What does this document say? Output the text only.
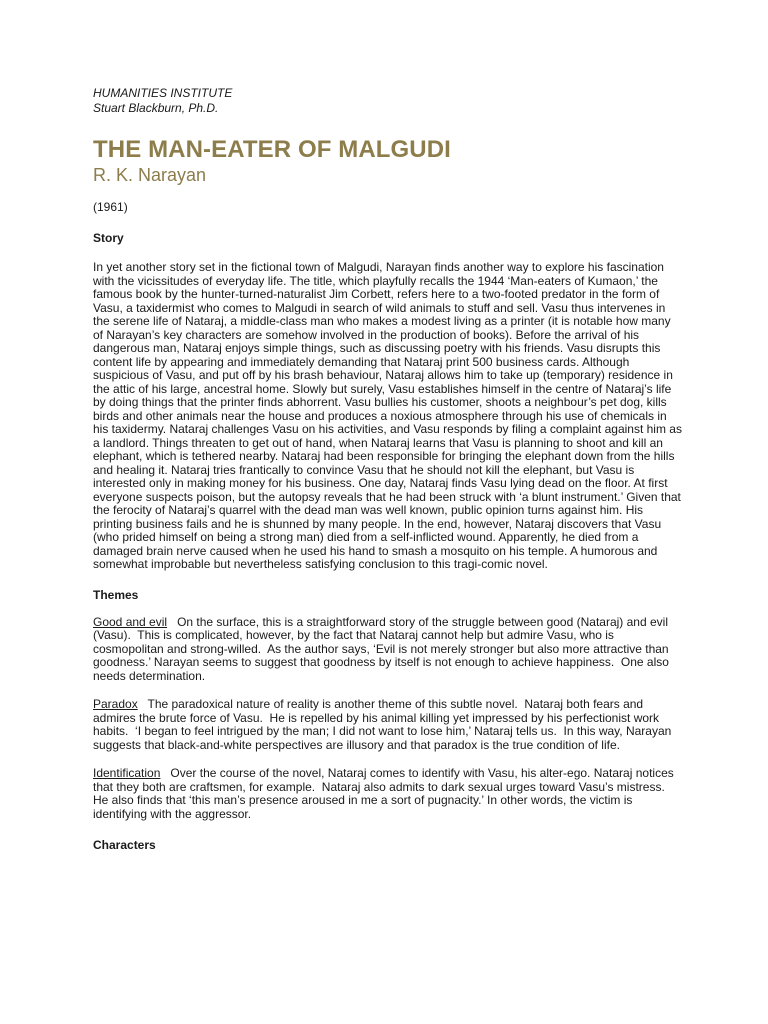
HUMANITIES INSTITUTE
Stuart Blackburn, Ph.D.
THE MAN-EATER OF MALGUDI
R. K. Narayan
(1961)
Story

In yet another story set in the fictional town of Malgudi, Narayan finds another way to explore his fascination with the vicissitudes of everyday life. The title, which playfully recalls the 1944 ‘Man-eaters of Kumaon,’ the famous book by the hunter-turned-naturalist Jim Corbett, refers here to a two-footed predator in the form of Vasu, a taxidermist who comes to Malgudi in search of wild animals to stuff and sell. Vasu thus intervenes in the serene life of Nataraj, a middle-class man who makes a modest living as a printer (it is notable how many of Narayan’s key characters are somehow involved in the production of books). Before the arrival of his dangerous man, Nataraj enjoys simple things, such as discussing poetry with his friends. Vasu disrupts this content life by appearing and immediately demanding that Nataraj print 500 business cards. Although suspicious of Vasu, and put off by his brash behaviour, Nataraj allows him to take up (temporary) residence in the attic of his large, ancestral home. Slowly but surely, Vasu establishes himself in the centre of Nataraj’s life by doing things that the printer finds abhorrent. Vasu bullies his customer, shoots a neighbour’s pet dog, kills birds and other animals near the house and produces a noxious atmosphere through his use of chemicals in his taxidermy. Nataraj challenges Vasu on his activities, and Vasu responds by filing a complaint against him as a landlord. Things threaten to get out of hand, when Nataraj learns that Vasu is planning to shoot and kill an elephant, which is tethered nearby. Nataraj had been responsible for bringing the elephant down from the hills and healing it. Nataraj tries frantically to convince Vasu that he should not kill the elephant, but Vasu is interested only in making money for his business. One day, Nataraj finds Vasu lying dead on the floor. At first everyone suspects poison, but the autopsy reveals that he had been struck with ‘a blunt instrument.’ Given that the ferocity of Nataraj’s quarrel with the dead man was well known, public opinion turns against him. His printing business fails and he is shunned by many people. In the end, however, Nataraj discovers that Vasu (who prided himself on being a strong man) died from a self-inflicted wound. Apparently, he died from a damaged brain nerve caused when he used his hand to smash a mosquito on his temple. A humorous and somewhat improbable but nevertheless satisfying conclusion to this tragi-comic novel.

Themes

Good and evil   On the surface, this is a straightforward story of the struggle between good (Nataraj) and evil (Vasu).  This is complicated, however, by the fact that Nataraj cannot help but admire Vasu, who is cosmopolitan and strong-willed.  As the author says, ‘Evil is not merely stronger but also more attractive than goodness.’ Narayan seems to suggest that goodness by itself is not enough to achieve happiness.  One also needs determination.

Paradox   The paradoxical nature of reality is another theme of this subtle novel.  Nataraj both fears and admires the brute force of Vasu.  He is repelled by his animal killing yet impressed by his perfectionist work habits.  ‘I began to feel intrigued by the man; I did not want to lose him,’ Nataraj tells us.  In this way, Narayan suggests that black-and-white perspectives are illusory and that paradox is the true condition of life.

Identification   Over the course of the novel, Nataraj comes to identify with Vasu, his alter-ego. Nataraj notices that they both are craftsmen, for example.  Nataraj also admits to dark sexual urges toward Vasu’s mistress.  He also finds that ‘this man’s presence aroused in me a sort of pugnacity.’ In other words, the victim is identifying with the aggressor.

Characters
